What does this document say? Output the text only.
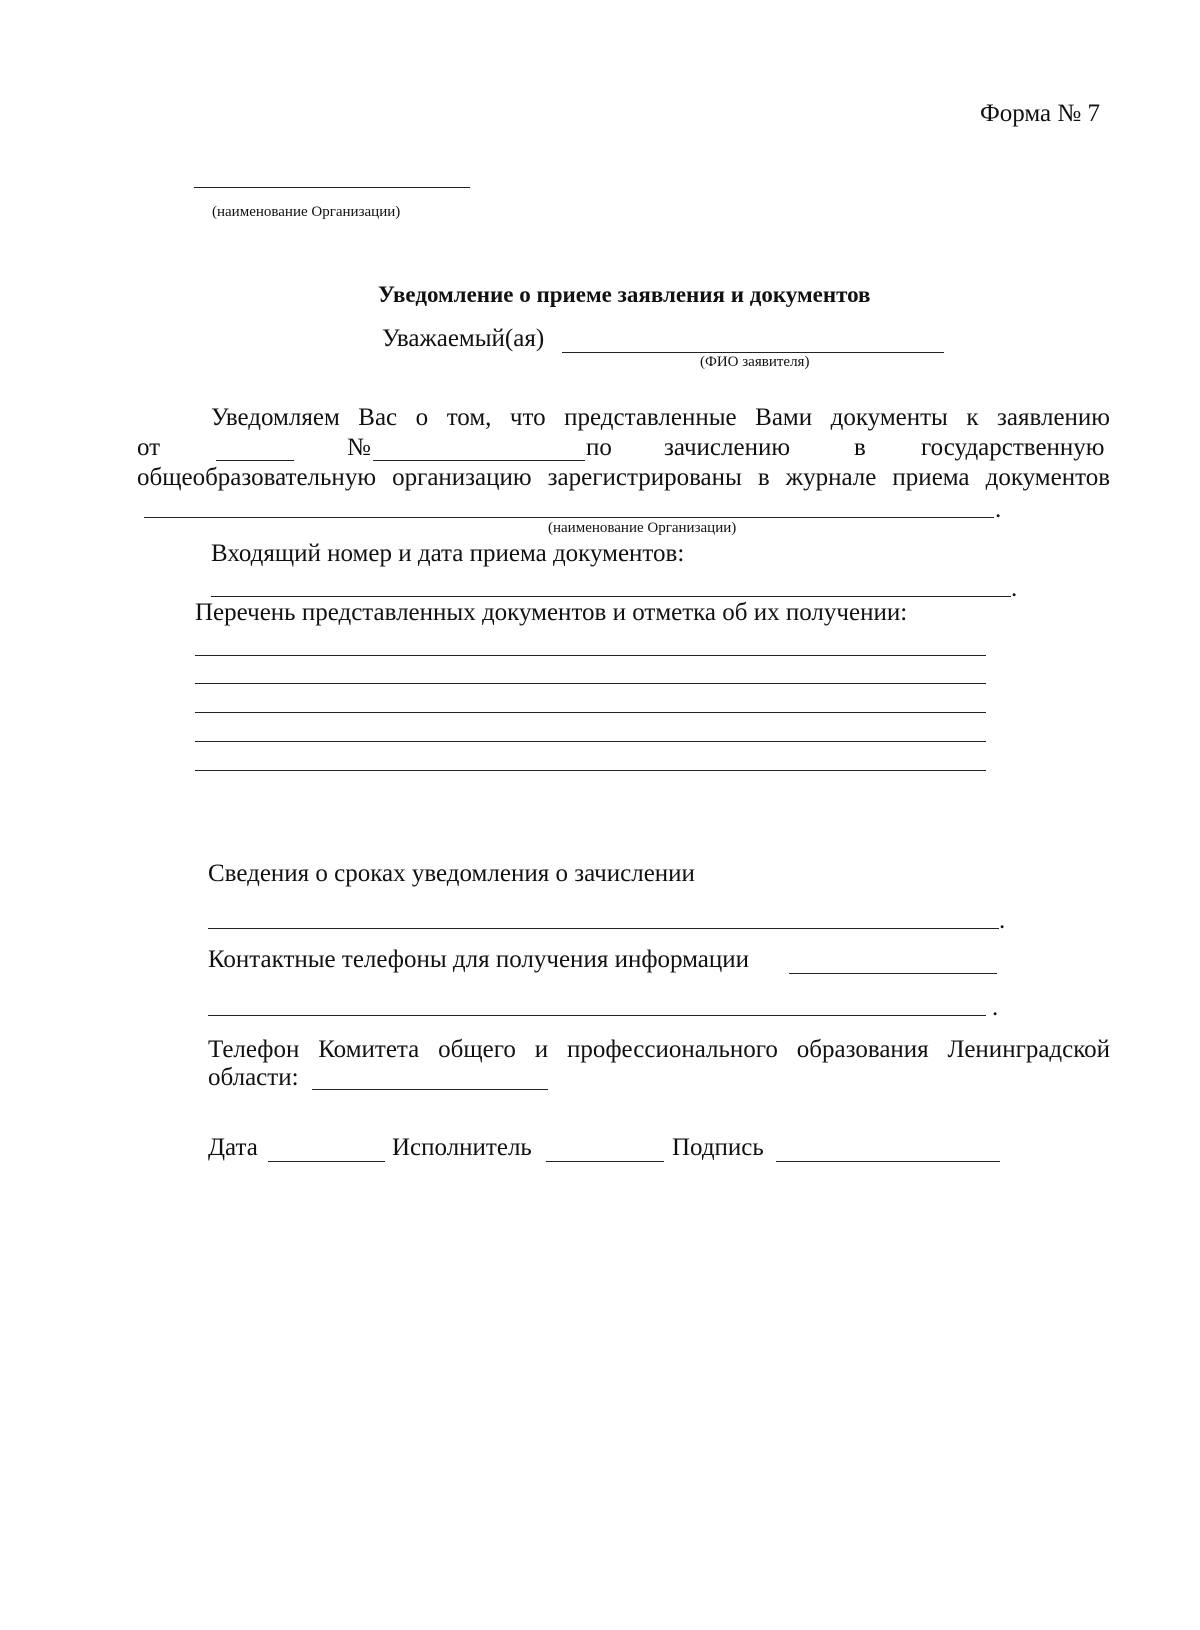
Форма № 7
(наименование Организации)
Уведомление о приеме заявления и документов
Уважаемый(ая)
(ФИО заявителя)
Уведомляем Вас о том, что представленные Вами документы к заявлению
от	№	по зачислению	в государственную
общеобразовательную организацию зарегистрированы в журнале приема документов
.
(наименование Организации)
Входящий номер и дата приема документов:
.
Перечень представленных документов и отметка об их получении:
Сведения о сроках уведомления о зачислении
.
Контактные телефоны для получения информации
.
Телефон Комитета общего и профессионального образования Ленинградской
области:
Дата	Исполнитель	Подпись
